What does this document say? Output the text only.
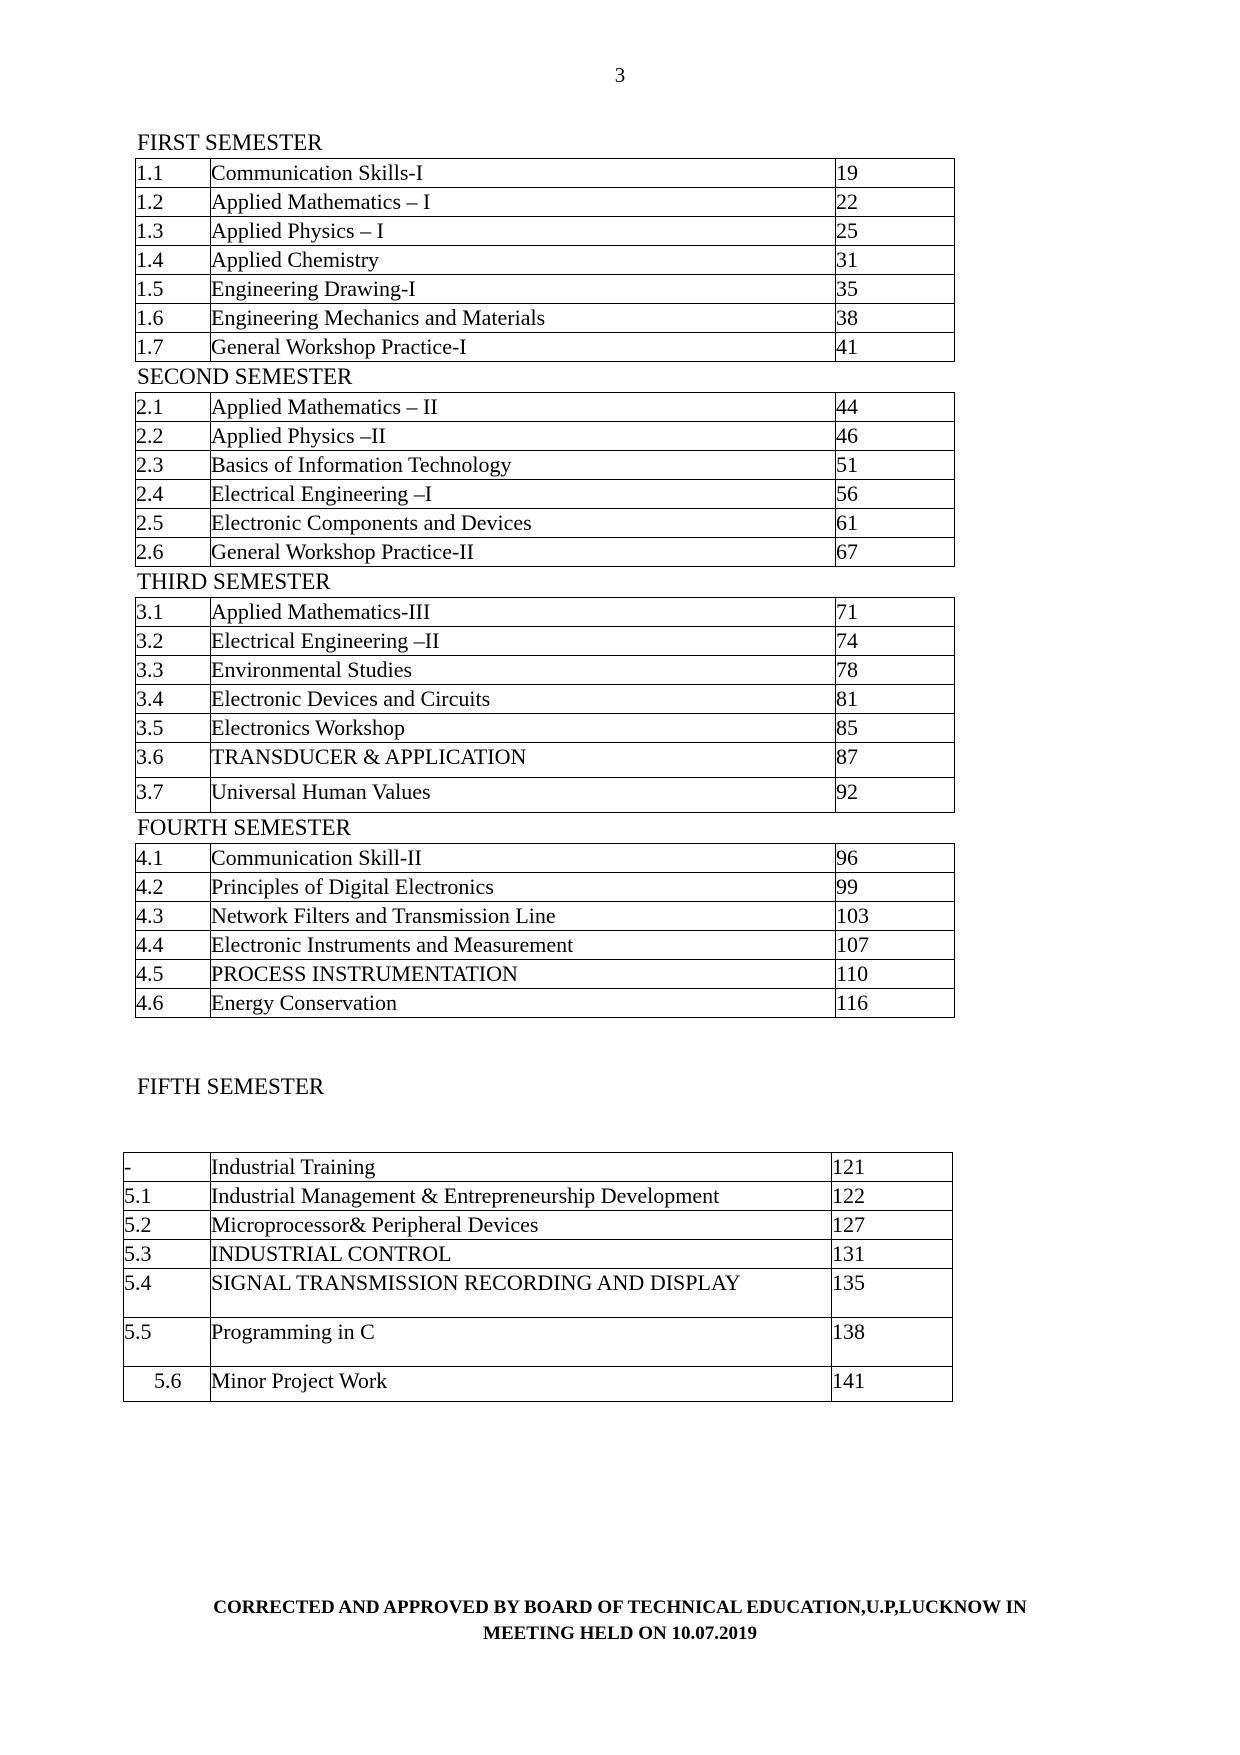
3
FIRST SEMESTER
1.1	Communication Skills-I	19
1.2	Applied Mathematics – I	22
1.3	Applied Physics – I	25
1.4	Applied Chemistry	31
1.5	Engineering Drawing-I	35
1.6	Engineering Mechanics and Materials	38
1.7	General Workshop Practice-I	41
SECOND SEMESTER
2.1	Applied Mathematics – II	44
2.2	Applied Physics –II	46
2.3	Basics of Information Technology	51
2.4	Electrical Engineering –I	56
2.5	Electronic Components and Devices	61
2.6	General Workshop Practice-II	67
THIRD SEMESTER
3.1	Applied Mathematics-III	71
3.2	Electrical Engineering –II	74
3.3	Environmental Studies	78
3.4	Electronic Devices and Circuits	81
3.5	Electronics Workshop	85
3.6	TRANSDUCER & APPLICATION	87
3.7	Universal Human Values	92
FOURTH SEMESTER
4.1	Communication Skill-II	96
4.2	Principles of Digital Electronics	99
4.3	Network Filters and Transmission Line	103
4.4	Electronic Instruments and Measurement	107
4.5	PROCESS INSTRUMENTATION	110
4.6	Energy Conservation	116
FIFTH SEMESTER
-	Industrial Training	121
5.1	Industrial Management & Entrepreneurship Development	122
5.2	Microprocessor& Peripheral Devices	127
5.3	INDUSTRIAL CONTROL	131
5.4	SIGNAL TRANSMISSION RECORDING AND DISPLAY	135
5.5	Programming in C	138
5.6	Minor Project Work	141
CORRECTED AND APPROVED BY BOARD OF TECHNICAL EDUCATION,U.P,LUCKNOW IN
MEETING HELD ON 10.07.2019
